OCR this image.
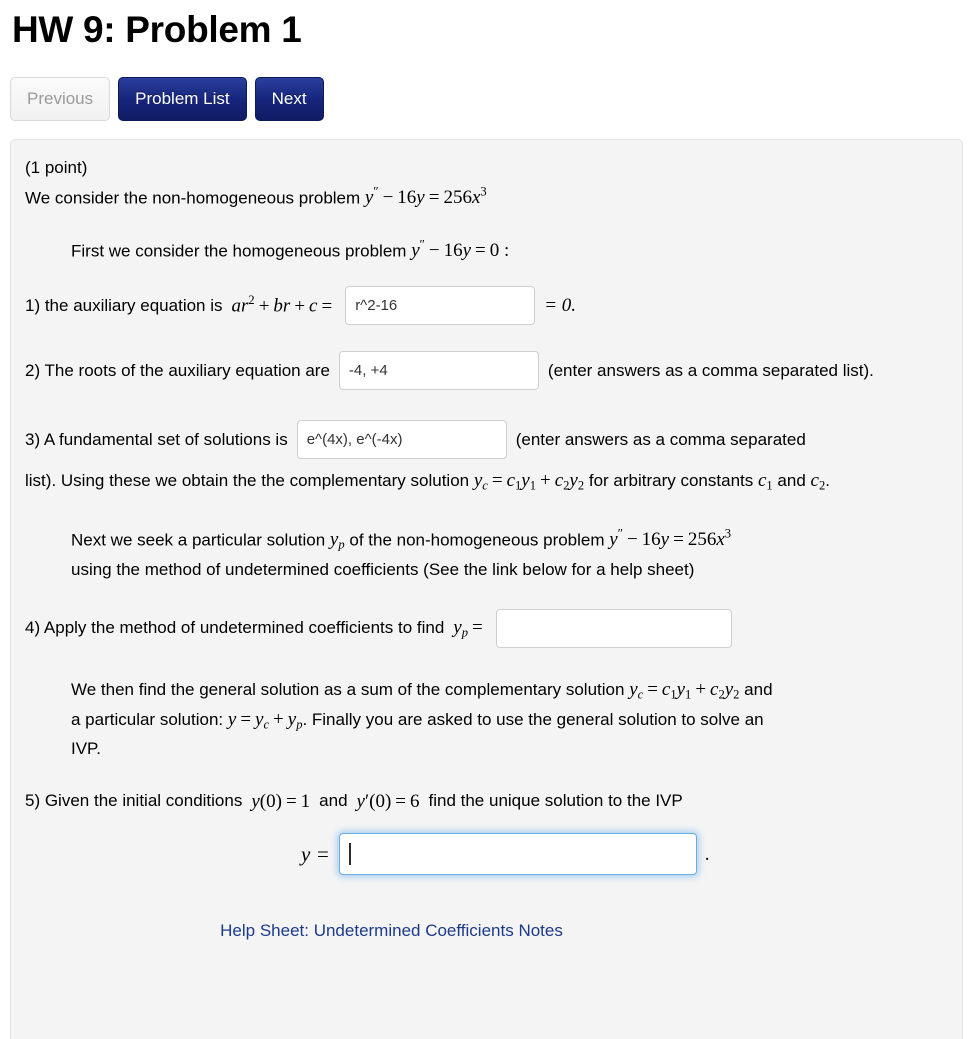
HW 9: Problem 1
Previous	Problem List	Next
(1 point)
We consider the non-homogeneous problem $y'' - 16y = 256x^3$
First we consider the homogeneous problem y″ − 16y = 0 :
1) the auxiliary equation is $ar^2$ + br + c =
r^2-16	= 0.
2) The roots of the auxiliary equation are
-4, +4	(enter answers as a comma separated list).
3) A fundamental set of solutions is
e^(4x), e^(-4x)	(enter answers as a comma separated
list). Using these we obtain the the complementary solution $y_c = c_1y_1 + c_2y_2$ for arbitrary constants $c_1$ and $c_2$.
Next we seek a particular solution $y_p$ of the non-homogeneous problem $y'' - 16y = 256x^3$
using the method of undetermined coefficients (See the link below for a help sheet)
4) Apply the method of undetermined coefficients to find $y_p$ =
We then find the general solution as a sum of the complementary solution $y_c = c_1y_1 + c_2y_2$ and
a particular solution: $y = y_c + y_p$. Finally you are asked to use the general solution to solve an
IVP.
5) Given the initial conditions y(0) = 1 and y′(0) = 6 find the unique solution to the IVP
y =	.
Help Sheet: Undetermined Coefficients Notes
